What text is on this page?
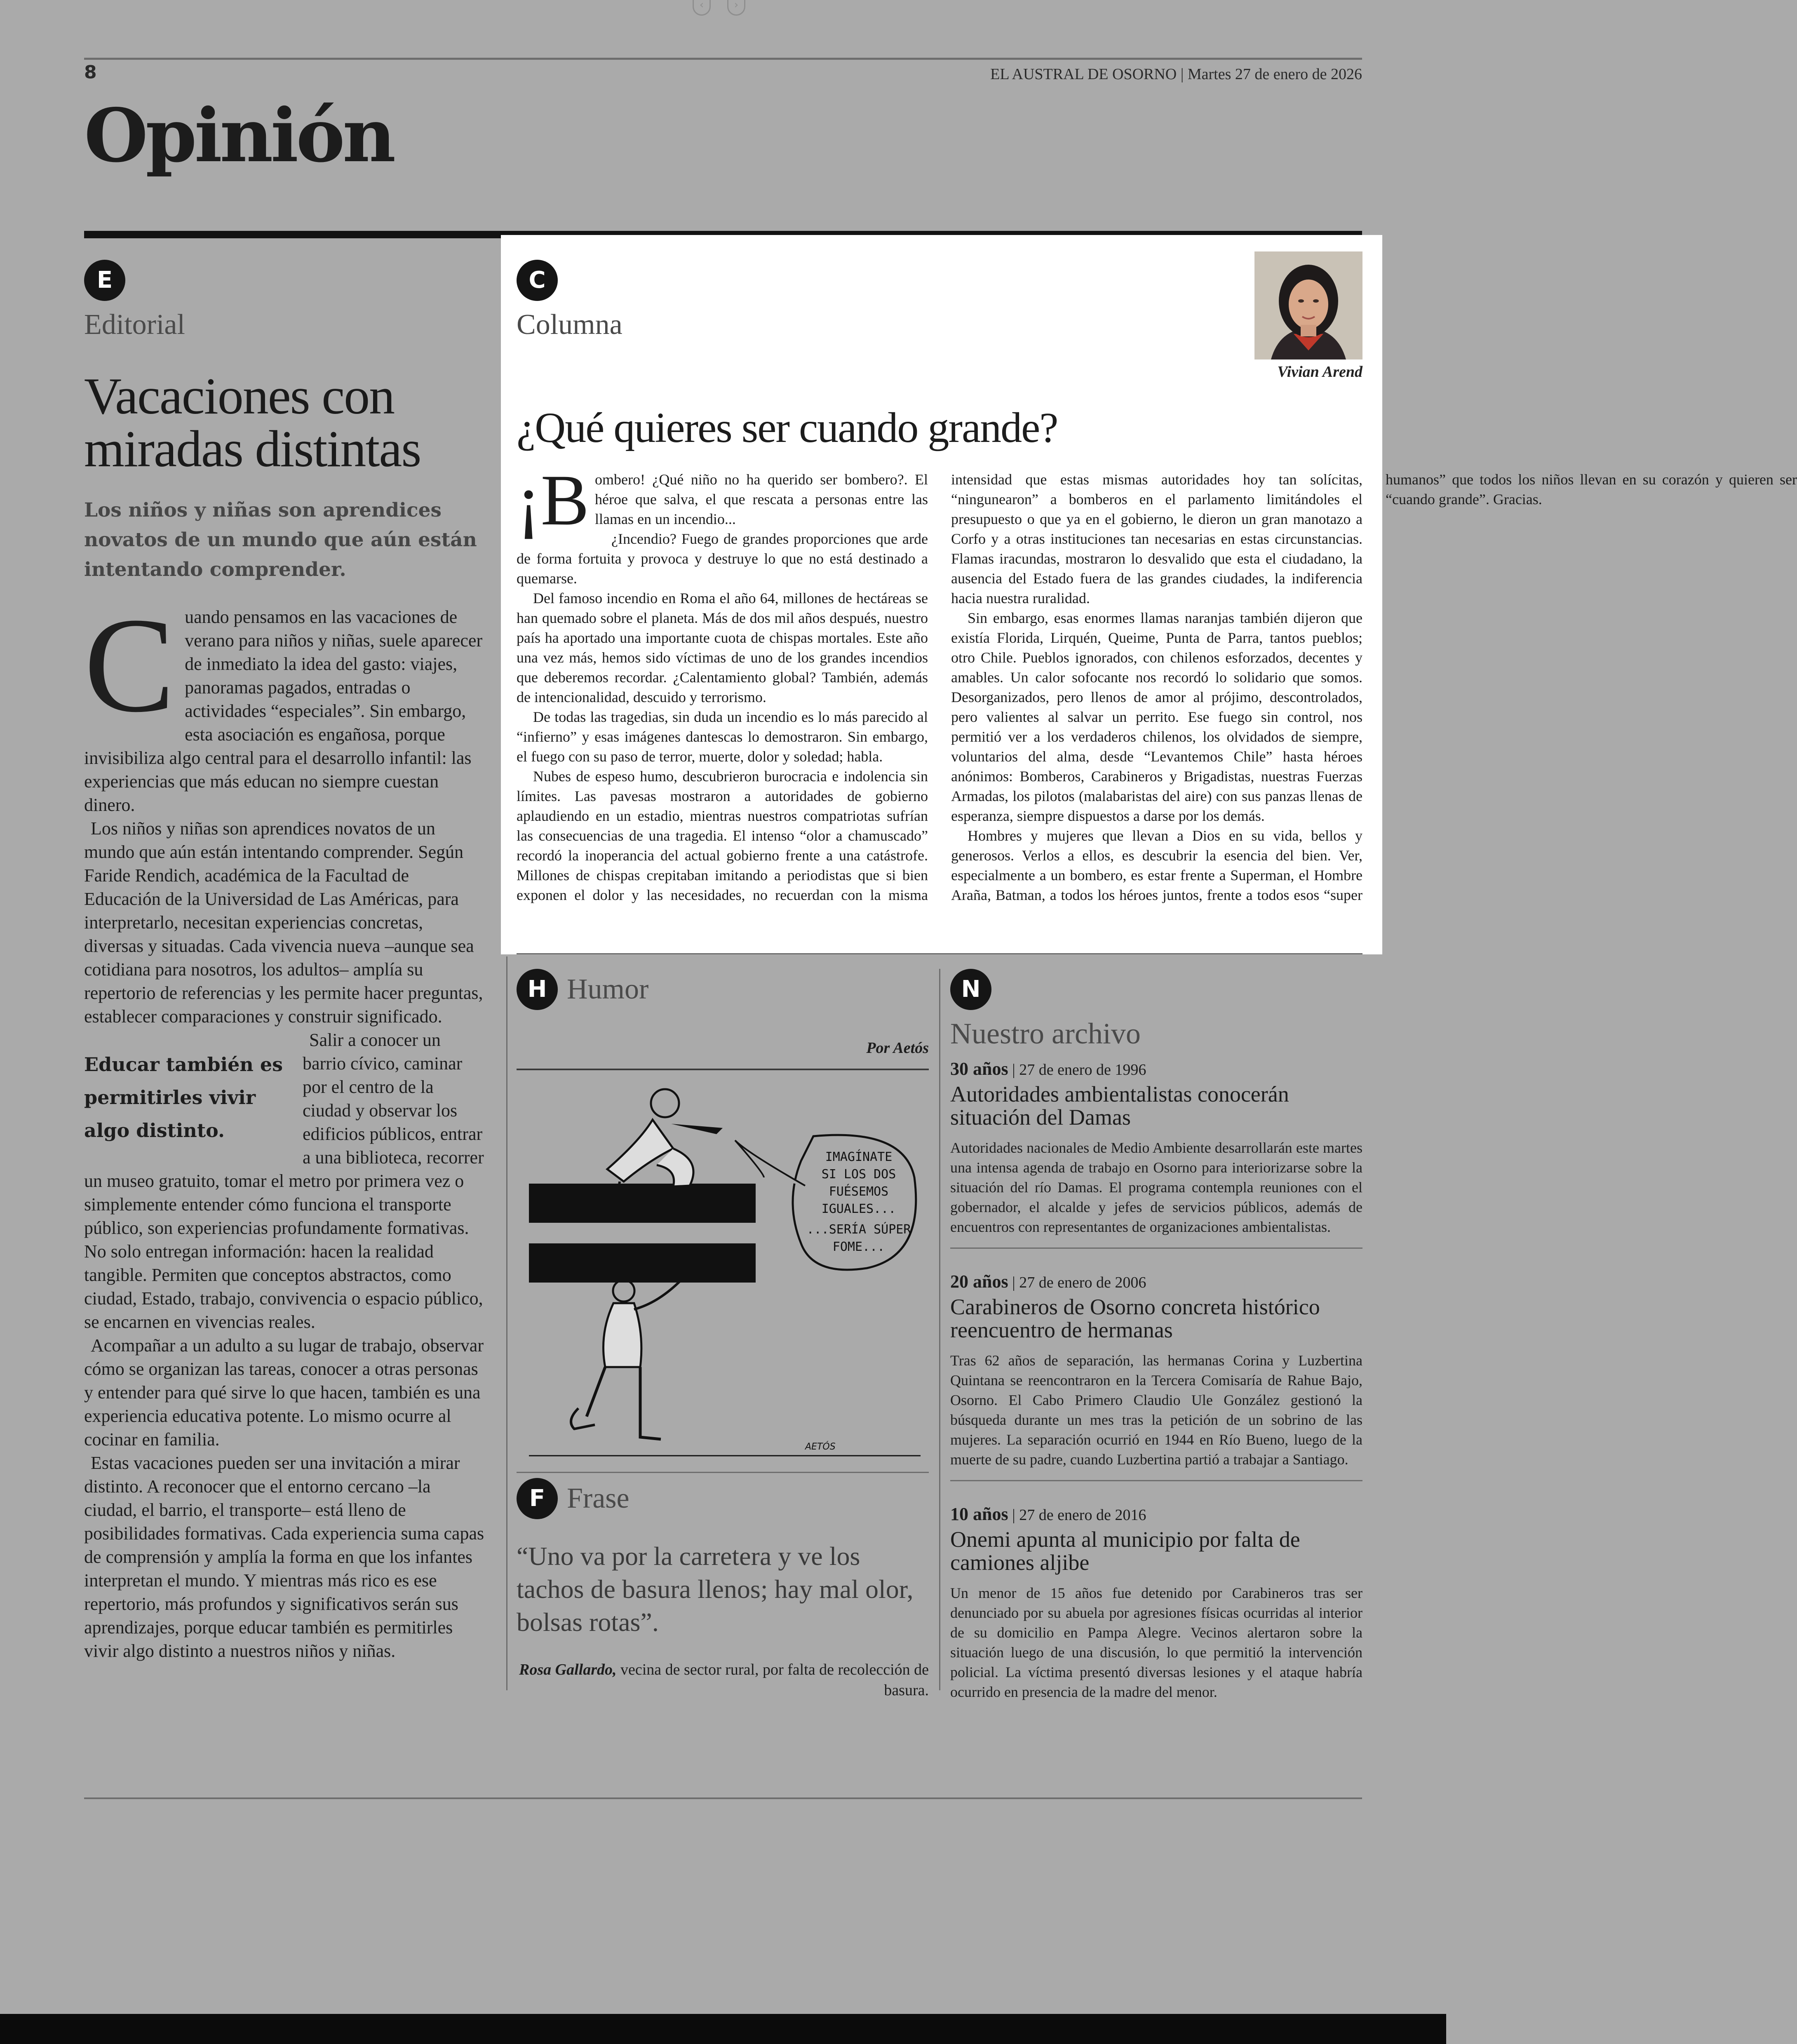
‹	›
8	EL AUSTRAL DE OSORNO | Martes 27 de enero de 2026
Opinión
E
Editorial
Vacaciones con miradas distintas
Los niños y niñas son aprendices novatos de un mundo que aún están intentando comprender.
C uando pensamos en las vacaciones de verano para niños y niñas, suele aparecer de inmediato la idea del gasto: viajes, panoramas pagados, entradas o actividades “especiales”. Sin embargo, esta asociación es engañosa, porque invisibiliza algo central para el desarrollo infantil: las experiencias que más educan no siempre cuestan dinero.

Los niños y niñas son aprendices novatos de un mundo que aún están intentando comprender. Según Faride Rendich, académica de la Facultad de Educación de la Universidad de Las Américas, para interpretarlo, necesitan experiencias concretas, diversas y situadas. Cada vivencia nueva –aunque sea cotidiana para nosotros, los adultos– amplía su repertorio de referencias y les permite hacer preguntas, establecer comparaciones y construir significado.

Educar también es permitirles vivir algo distinto.

Salir a conocer un barrio cívico, caminar por el centro de la ciudad y observar los edificios públicos, entrar a una biblioteca, recorrer un museo gratuito, tomar el metro por primera vez o simplemente entender cómo funciona el transporte público, son experiencias profundamente formativas. No solo entregan información: hacen la realidad tangible. Permiten que conceptos abstractos, como ciudad, Estado, trabajo, convivencia o espacio público, se encarnen en vivencias reales.

Acompañar a un adulto a su lugar de trabajo, observar cómo se organizan las tareas, conocer a otras personas y entender para qué sirve lo que hacen, también es una experiencia educativa potente. Lo mismo ocurre al cocinar en familia.

Estas vacaciones pueden ser una invitación a mirar distinto. A reconocer que el entorno cercano –la ciudad, el barrio, el transporte– está lleno de posibilidades formativas. Cada experiencia suma capas de comprensión y amplía la forma en que los infantes interpretan el mundo. Y mientras más rico es ese repertorio, más profundos y significativos serán sus aprendizajes, porque educar también es permitirles vivir algo distinto a nuestros niños y niñas.

C
Columna
Vivian Arend
¿Qué quieres ser cuando grande?

¡B ombero! ¿Qué niño no ha querido ser bombero?. El héroe que salva, el que rescata a personas entre las llamas en un incendio...

¿Incendio? Fuego de grandes proporciones que arde de forma fortuita y provoca y destruye lo que no está destinado a quemarse.

Del famoso incendio en Roma el año 64, millones de hectáreas se han quemado sobre el planeta. Más de dos mil años después, nuestro país ha aportado una importante cuota de chispas mortales. Este año una vez más, hemos sido víctimas de uno de los grandes incendios que deberemos recordar. ¿Calentamiento global? También, además de intencionalidad, descuido y terrorismo.

De todas las tragedias, sin duda un incendio es lo más parecido al “infierno” y esas imágenes dantescas lo demostraron. Sin embargo, el fuego con su paso de terror, muerte, dolor y soledad; habla.

Nubes de espeso humo, descubrieron burocracia e indolencia sin límites. Las pavesas mostraron a autoridades de gobierno aplaudiendo en un estadio, mientras nuestros compatriotas sufrían las consecuencias de una tragedia. El intenso “olor a chamuscado” recordó la inoperancia del actual gobierno frente a una catástrofe. Millones de chispas crepitaban imitando a periodistas que si bien exponen el dolor y las necesidades, no recuerdan con la misma intensidad que estas mismas autoridades hoy tan solícitas, “ninguneаron” a bomberos en el parlamento limitándoles el presupuesto o que ya en el gobierno, le dieron un gran manotazo a Corfo y a otras instituciones tan necesarias en estas circunstancias. Flamas iracundas, mostraron lo desvalido que esta el ciudadano, la ausencia del Estado fuera de las grandes ciudades, la indiferencia hacia nuestra ruralidad.

Sin embargo, esas enormes llamas naranjas también dijeron que existía Florida, Lirquén, Queime, Punta de Parra, tantos pueblos; otro Chile. Pueblos ignorados, con chilenos esforzados, decentes y amables. Un calor sofocante nos recordó lo solidario que somos. Desorganizados, pero llenos de amor al prójimo, descontrolados, pero valientes al salvar un perrito. Ese fuego sin control, nos permitió ver a los verdaderos chilenos, los olvidados de siempre, voluntarios del alma, desde “Levantemos Chile” hasta héroes anónimos: Bomberos, Carabineros y Brigadistas, nuestras Fuerzas Armadas, los pilotos (malabaristas del aire) con sus panzas llenas de esperanza, siempre dispuestos a darse por los demás.

Hombres y mujeres que llevan a Dios en su vida, bellos y generosos. Verlos a ellos, es descubrir la esencia del bien. Ver, especialmente a un bombero, es estar frente a Superman, el Hombre Araña, Batman, a todos los héroes juntos, frente a todos esos “super humanos” que todos los niños llevan en su corazón y quieren ser “cuando grande”. Gracias.

H Humor
Por Aetós
IMAGÍNATE
SI LOS DOS
FUÉSEMOS
IGUALES...
...SERÍA SÚPER
FOME...
AETÓS
F Frase
“Uno va por la carretera y ve los tachos de basura llenos; hay mal olor, bolsas rotas”.
Rosa Gallardo, vecina de sector rural, por falta de recolección de basura.
N
Nuestro archivo
30 años | 27 de enero de 1996
Autoridades ambientalistas conocerán situación del Damas
Autoridades nacionales de Medio Ambiente desarrollarán este martes una intensa agenda de trabajo en Osorno para interiorizarse sobre la situación del río Damas. El programa contempla reuniones con el gobernador, el alcalde y jefes de servicios públicos, además de encuentros con representantes de organizaciones ambientalistas.
20 años | 27 de enero de 2006
Carabineros de Osorno concreta histórico reencuentro de hermanas
Tras 62 años de separación, las hermanas Corina y Luzbertina Quintana se reencontraron en la Tercera Comisaría de Rahue Bajo, Osorno. El Cabo Primero Claudio Ule González gestionó la búsqueda durante un mes tras la petición de un sobrino de las mujeres. La separación ocurrió en 1944 en Río Bueno, luego de la muerte de su padre, cuando Luzbertina partió a trabajar a Santiago.
10 años | 27 de enero de 2016
Onemi apunta al municipio por falta de camiones aljibe
Un menor de 15 años fue detenido por Carabineros tras ser denunciado por su abuela por agresiones físicas ocurridas al interior de su domicilio en Pampa Alegre. Vecinos alertaron sobre la situación luego de una discusión, lo que permitió la intervención policial. La víctima presentó diversas lesiones y el ataque habría ocurrido en presencia de la madre del menor.
